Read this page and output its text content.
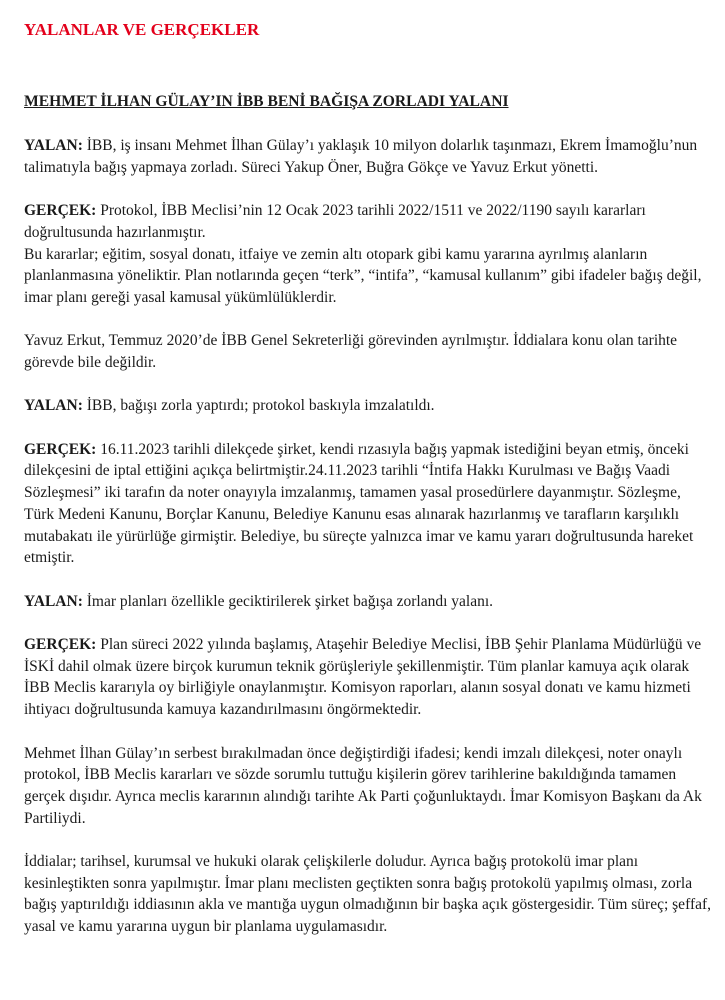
YALANLAR VE GERÇEKLER
MEHMET İLHAN GÜLAY’IN İBB BENİ BAĞIŞA ZORLADI YALANI

YALAN: İBB, iş insanı Mehmet İlhan Gülay’ı yaklaşık 10 milyon dolarlık taşınmazı, Ekrem İmamoğlu’nun talimatıyla bağış yapmaya zorladı. Süreci Yakup Öner, Buğra Gökçe ve Yavuz Erkut yönetti.

GERÇEK: Protokol, İBB Meclisi’nin 12 Ocak 2023 tarihli 2022/1511 ve 2022/1190 sayılı kararları doğrultusunda hazırlanmıştır.

Bu kararlar; eğitim, sosyal donatı, itfaiye ve zemin altı otopark gibi kamu yararına ayrılmış alanların planlanmasına yöneliktir. Plan notlarında geçen “terk”, “intifa”, “kamusal kullanım” gibi ifadeler bağış değil, imar planı gereği yasal kamusal yükümlülüklerdir.

Yavuz Erkut, Temmuz 2020’de İBB Genel Sekreterliği görevinden ayrılmıştır. İddialara konu olan tarihte görevde bile değildir.

YALAN: İBB, bağışı zorla yaptırdı; protokol baskıyla imzalatıldı.

GERÇEK: 16.11.2023 tarihli dilekçede şirket, kendi rızasıyla bağış yapmak istediğini beyan etmiş, önceki dilekçesini de iptal ettiğini açıkça belirtmiştir.24.11.2023 tarihli “İntifa Hakkı Kurulması ve Bağış Vaadi Sözleşmesi” iki tarafın da noter onayıyla imzalanmış, tamamen yasal prosedürlere dayanmıştır. Sözleşme, Türk Medeni Kanunu, Borçlar Kanunu, Belediye Kanunu esas alınarak hazırlanmış ve tarafların karşılıklı mutabakatı ile yürürlüğe girmiştir. Belediye, bu süreçte yalnızca imar ve kamu yararı doğrultusunda hareket etmiştir.

YALAN: İmar planları özellikle geciktirilerek şirket bağışa zorlandı yalanı.

GERÇEK: Plan süreci 2022 yılında başlamış, Ataşehir Belediye Meclisi, İBB Şehir Planlama Müdürlüğü ve İSKİ dahil olmak üzere birçok kurumun teknik görüşleriyle şekillenmiştir. Tüm planlar kamuya açık olarak İBB Meclis kararıyla oy birliğiyle onaylanmıştır. Komisyon raporları, alanın sosyal donatı ve kamu hizmeti ihtiyacı doğrultusunda kamuya kazandırılmasını öngörmektedir.

Mehmet İlhan Gülay’ın serbest bırakılmadan önce değiştirdiği ifadesi; kendi imzalı dilekçesi, noter onaylı protokol, İBB Meclis kararları ve sözde sorumlu tuttuğu kişilerin görev tarihlerine bakıldığında tamamen gerçek dışıdır. Ayrıca meclis kararının alındığı tarihte Ak Parti çoğunluktaydı. İmar Komisyon Başkanı da Ak Partiliydi.

İddialar; tarihsel, kurumsal ve hukuki olarak çelişkilerle doludur. Ayrıca bağış protokolü imar planı kesinleştikten sonra yapılmıştır. İmar planı meclisten geçtikten sonra bağış protokolü yapılmış olması, zorla bağış yaptırıldığı iddiasının akla ve mantığa uygun olmadığının bir başka açık göstergesidir. Tüm süreç; şeffaf, yasal ve kamu yararına uygun bir planlama uygulamasıdır.
